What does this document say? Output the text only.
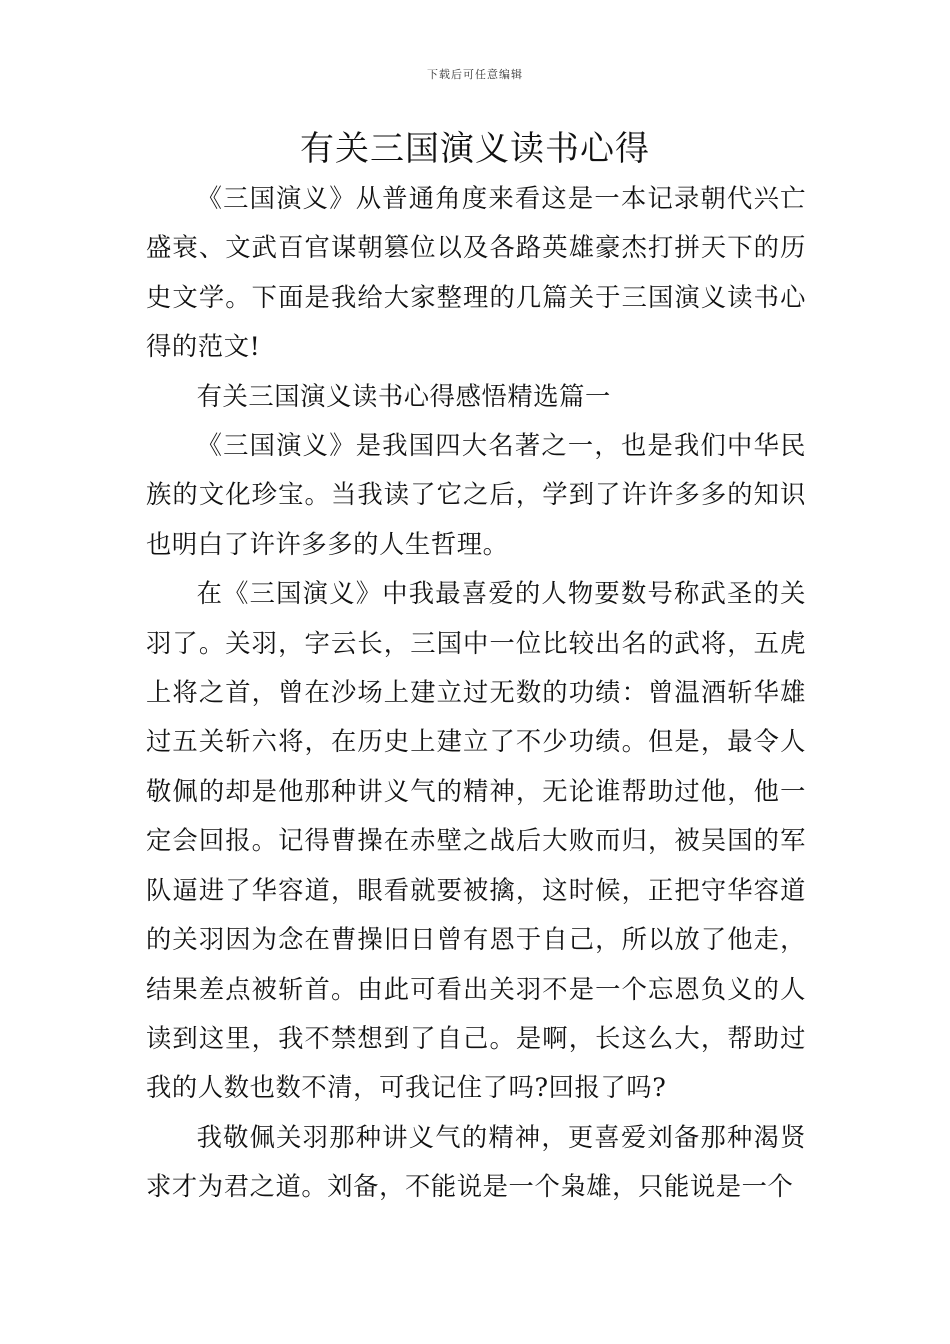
下载后可任意编辑
有关三国演义读书心得

《三国演义》从普通角度来看这是一本记录朝代兴亡盛衰、文武百官谋朝篡位以及各路英雄豪杰打拼天下的历史文学。下面是我给大家整理的几篇关于三国演义读书心得的范文!

有关三国演义读书心得感悟精选篇一

《三国演义》是我国四大名著之一，也是我们中华民族的文化珍宝。当我读了它之后，学到了许许多多的知识也明白了许许多多的人生哲理。

在《三国演义》中我最喜爱的人物要数号称武圣的关羽了。关羽，字云长，三国中一位比较出名的武将，五虎上将之首，曾在沙场上建立过无数的功绩：曾温酒斩华雄过五关斩六将，在历史上建立了不少功绩。但是，最令人敬佩的却是他那种讲义气的精神，无论谁帮助过他，他一定会回报。记得曹操在赤壁之战后大败而归，被吴国的军队逼进了华容道，眼看就要被擒，这时候，正把守华容道的关羽因为念在曹操旧日曾有恩于自己，所以放了他走，结果差点被斩首。由此可看出关羽不是一个忘恩负义的人读到这里，我不禁想到了自己。是啊，长这么大，帮助过我的人数也数不清，可我记住了吗?回报了吗?

我敬佩关羽那种讲义气的精神，更喜爱刘备那种渴贤求才为君之道。刘备，不能说是一个枭雄，只能说是一个
